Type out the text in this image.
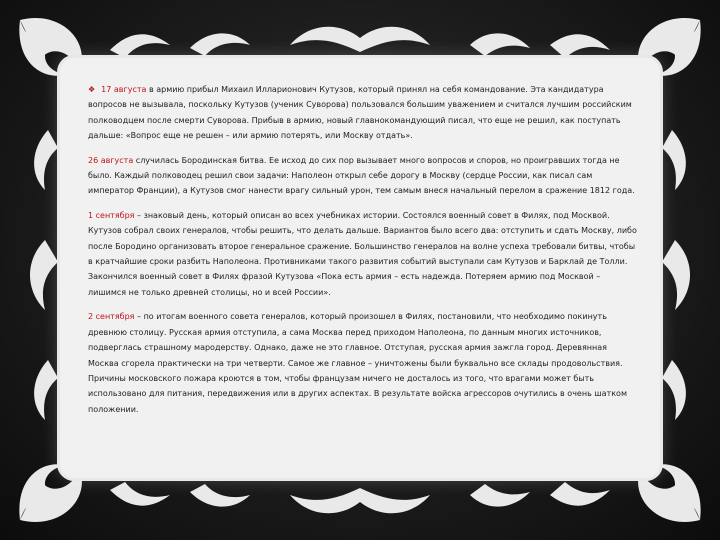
❖ 17 августа в армию прибыл Михаил Илларионович Кутузов, который принял на себя командование. Эта кандидатура вопросов не вызывала, поскольку Кутузов (ученик Суворова) пользовался большим уважением и считался лучшим российским полководцем после смерти Суворова. Прибыв в армию, новый главнокомандующий писал, что еще не решил, как поступать дальше: «Вопрос еще не решен – или армию потерять, или Москву отдать».

26 августа случилась Бородинская битва. Ее исход до сих пор вызывает много вопросов и споров, но проигравших тогда не было. Каждый полководец решил свои задачи: Наполеон открыл себе дорогу в Москву (сердце России, как писал сам император Франции), а Кутузов смог нанести врагу сильный урон, тем самым внеся начальный перелом в сражение 1812 года.

1 сентября – знаковый день, который описан во всех учебниках истории. Состоялся военный совет в Филях, под Москвой. Кутузов собрал своих генералов, чтобы решить, что делать дальше. Вариантов было всего два: отступить и сдать Москву, либо после Бородино организовать второе генеральное сражение. Большинство генералов на волне успеха требовали битвы, чтобы в кратчайшие сроки разбить Наполеона. Противниками такого развития событий выступали сам Кутузов и Барклай де Толли. Закончился военный совет в Филях фразой Кутузова «Пока есть армия – есть надежда. Потеряем армию под Москвой – лишимся не только древней столицы, но и всей России».

2 сентября – по итогам военного совета генералов, который произошел в Филях, постановили, что необходимо покинуть древнюю столицу. Русская армия отступила, а сама Москва перед приходом Наполеона, по данным многих источников, подверглась страшному мародерству. Однако, даже не это главное. Отступая, русская армия зажгла город. Деревянная Москва сгорела практически на три четверти. Самое же главное – уничтожены были буквально все склады продовольствия. Причины московского пожара кроются в том, чтобы французам ничего не досталось из того, что врагами может быть использовано для питания, передвижения или в других аспектах. В результате войска агрессоров очутились в очень шатком положении.
